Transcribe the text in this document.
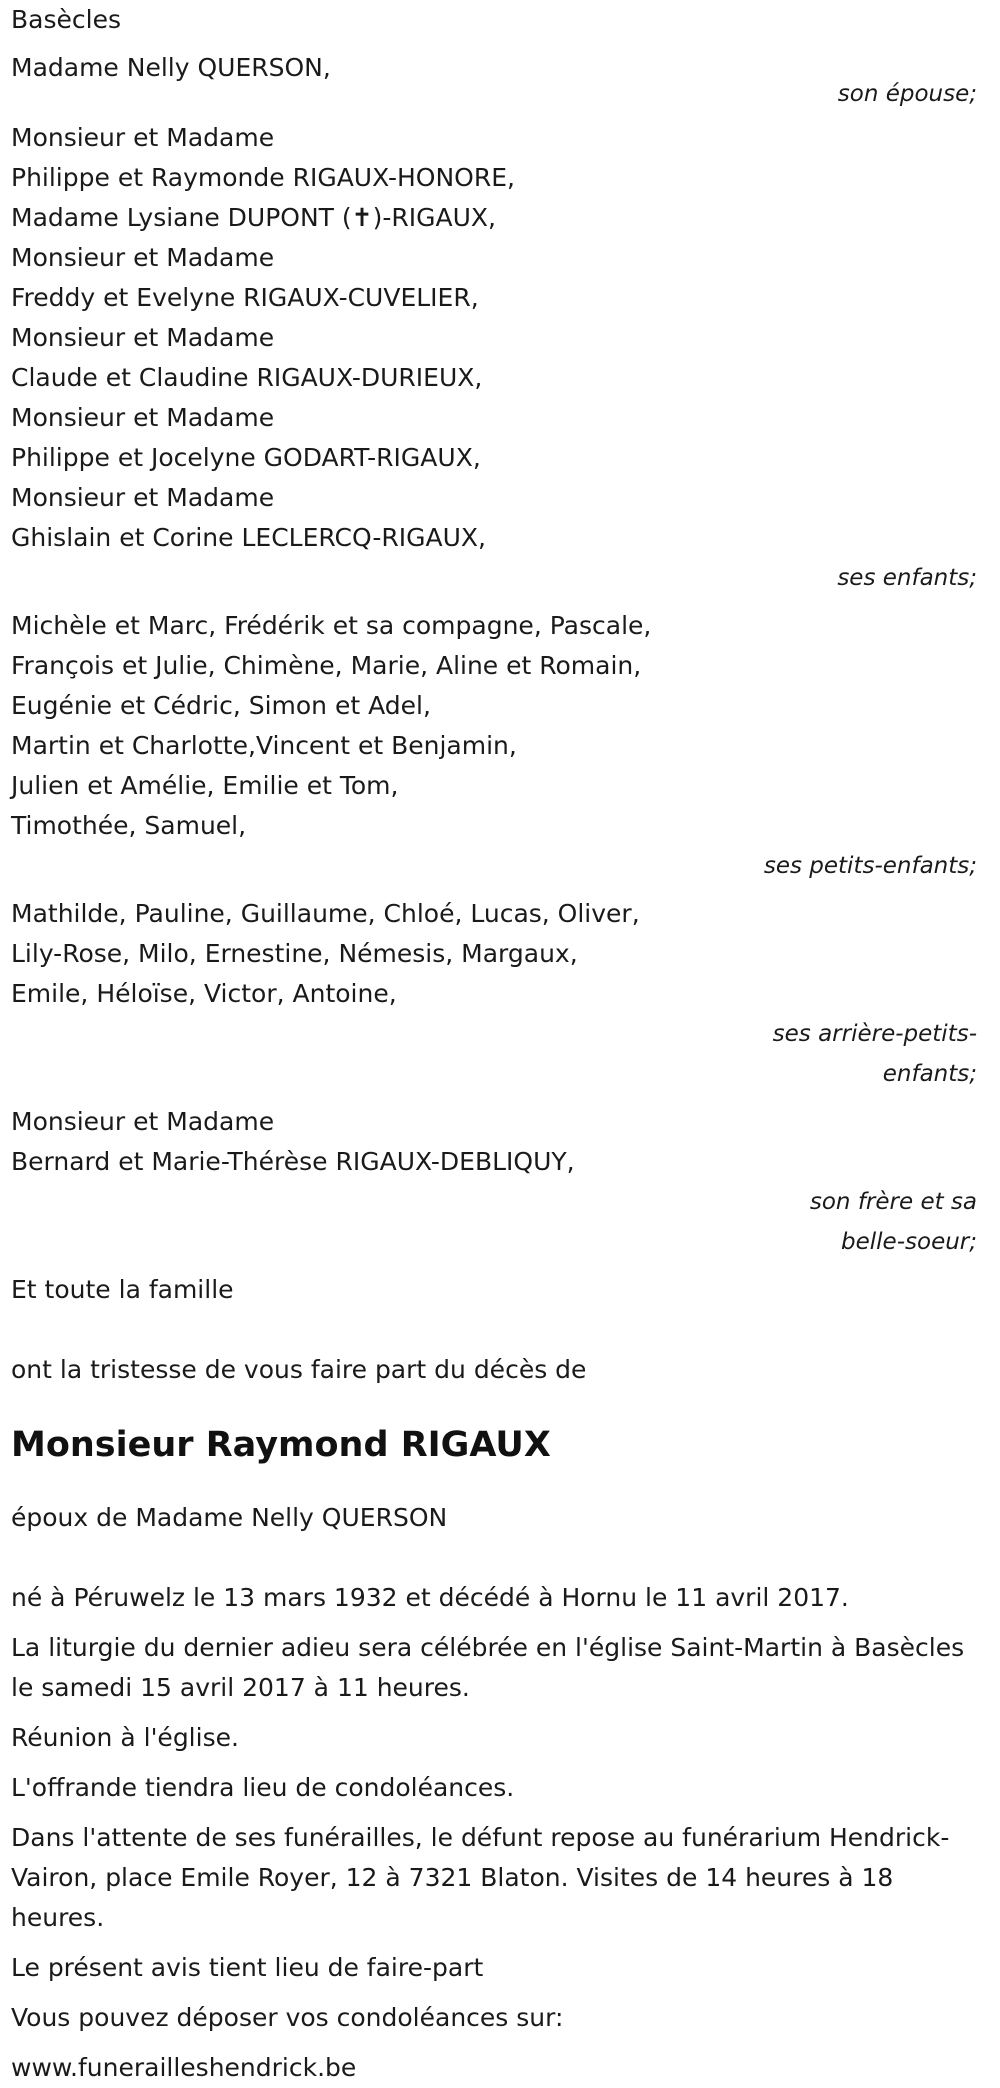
Basècles
Madame Nelly QUERSON,
son épouse;
Monsieur et Madame
Philippe et Raymonde RIGAUX-HONORE,
Madame Lysiane DUPONT (✝)-RIGAUX,
Monsieur et Madame
Freddy et Evelyne RIGAUX-CUVELIER,
Monsieur et Madame
Claude et Claudine RIGAUX-DURIEUX,
Monsieur et Madame
Philippe et Jocelyne GODART-RIGAUX,
Monsieur et Madame
Ghislain et Corine LECLERCQ-RIGAUX,
ses enfants;
Michèle et Marc, Frédérik et sa compagne, Pascale,
François et Julie, Chimène, Marie, Aline et Romain,
Eugénie et Cédric, Simon et Adel,
Martin et Charlotte,Vincent et Benjamin,
Julien et Amélie, Emilie et Tom,
Timothée, Samuel,
ses petits-enfants;
Mathilde, Pauline, Guillaume, Chloé, Lucas, Oliver,
Lily-Rose, Milo, Ernestine, Némesis, Margaux,
Emile, Héloïse, Victor, Antoine,
ses arrière-petits-
enfants;
Monsieur et Madame
Bernard et Marie-Thérèse RIGAUX-DEBLIQUY,
son frère et sa
belle-soeur;
Et toute la famille
ont la tristesse de vous faire part du décès de
Monsieur Raymond RIGAUX
époux de Madame Nelly QUERSON
né à Péruwelz le 13 mars 1932 et décédé à Hornu le 11 avril 2017.
La liturgie du dernier adieu sera célébrée en l'église Saint-Martin à Basècles le samedi 15 avril 2017 à 11 heures.
Réunion à l'église.
L'offrande tiendra lieu de condoléances.
Dans l'attente de ses funérailles, le défunt repose au funérarium Hendrick-Vairon, place Emile Royer, 12 à 7321 Blaton. Visites de 14 heures à 18 heures.
Le présent avis tient lieu de faire-part
Vous pouvez déposer vos condoléances sur:
www.funerailleshendrick.be
